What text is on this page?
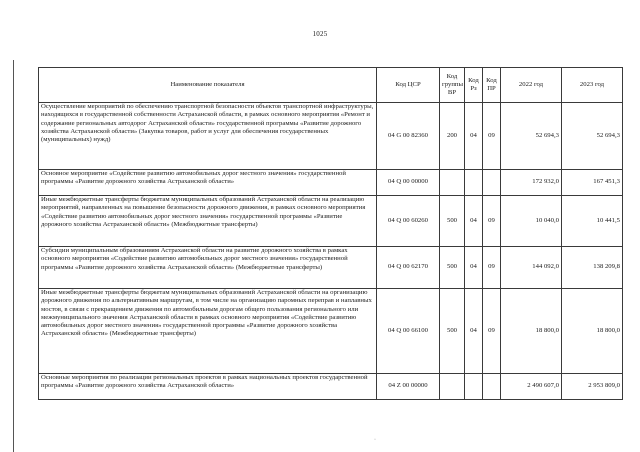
1025
Наименование показателя	Код ЦСР	Код группы ВР	Код Рз	Код ПР	2022 год	2023 год
Осуществление мероприятий по обеспечению транспортной безопасности объектов транспортной инфраструктуры, находящихся в государственной собственности Астраханской области, в рамках основного мероприятия «Ремонт и содержание региональных автодорог Астраханской области» государственной программы «Развитие дорожного хозяйства Астраханской области» (Закупка товаров, работ и услуг для обеспечения государственных (муниципальных) нужд)	04 G 00 82360	200	04	09	52 694,3	52 694,3
Основное мероприятие «Содействие развитию автомобильных дорог местного значения» государственной программы «Развитие дорожного хозяйства Астраханской области»	04 Q 00 00000				172 932,0	167 451,3
Иные межбюджетные трансферты бюджетам муниципальных образований Астраханской области на реализацию мероприятий, направленных на повышение безопасности дорожного движения, в рамках основного мероприятия «Содействие развитию автомобильных дорог местного значения» государственной программы «Развитие дорожного хозяйства Астраханской области» (Межбюджетные трансферты)	04 Q 00 60260	500	04	09	10 040,0	10 441,5
Субсидии муниципальным образованиям Астраханской области на развитие дорожного хозяйства в рамках основного мероприятия «Содействие развитию автомобильных дорог местного значения» государственной программы «Развитие дорожного хозяйства Астраханской области» (Межбюджетные трансферты)	04 Q 00 62170	500	04	09	144 092,0	138 209,8
Иные межбюджетные трансферты бюджетам муниципальных образований Астраханской области на организацию дорожного движения по альтернативным маршрутам, в том числе на организацию паромных переправ и наплавных мостов, в связи с прекращением движения по автомобильным дорогам общего пользования регионального или межмуниципального значения Астраханской области в рамках основного мероприятия «Содействие развитию автомобильных дорог местного значения» государственной программы «Развитие дорожного хозяйства Астраханской области» (Межбюджетные трансферты)	04 Q 00 66100	500	04	09	18 800,0	18 800,0
Основные мероприятия по реализации региональных проектов в рамках национальных проектов государственной программы «Развитие дорожного хозяйства Астраханской области»	04 Z 00 00000				2 490 607,0	2 953 809,0
·
